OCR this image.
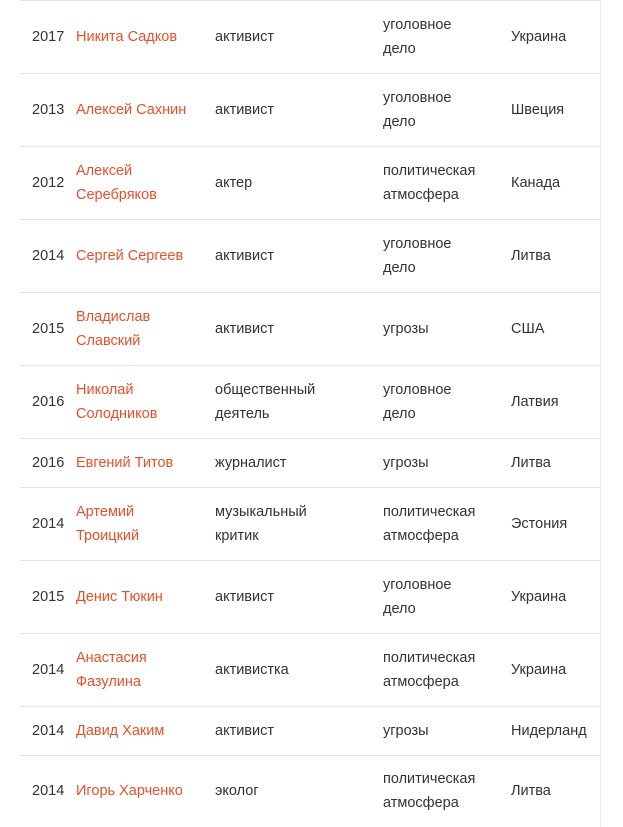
2017	Никита Садков	активист	уголовное
дело	Украина
2013	Алексей Сахнин	активист	уголовное
дело	Швеция
2012	Алексей
Серебряков	актер	политическая
атмосфера	Канада
2014	Сергей Сергеев	активист	уголовное
дело	Литва
2015	Владислав
Славский	активист	угрозы	США
2016	Николай
Солодников	общественный
деятель	уголовное
дело	Латвия
2016	Евгений Титов	журналист	угрозы	Литва
2014	Артемий
Троицкий	музыкальный
критик	политическая
атмосфера	Эстония
2015	Денис Тюкин	активист	уголовное
дело	Украина
2014	Анастасия
Фазулина	активистка	политическая
атмосфера	Украина
2014	Давид Хаким	активист	угрозы	Нидерланд
2014	Игорь Харченко	эколог	политическая
атмосфера	Литва
